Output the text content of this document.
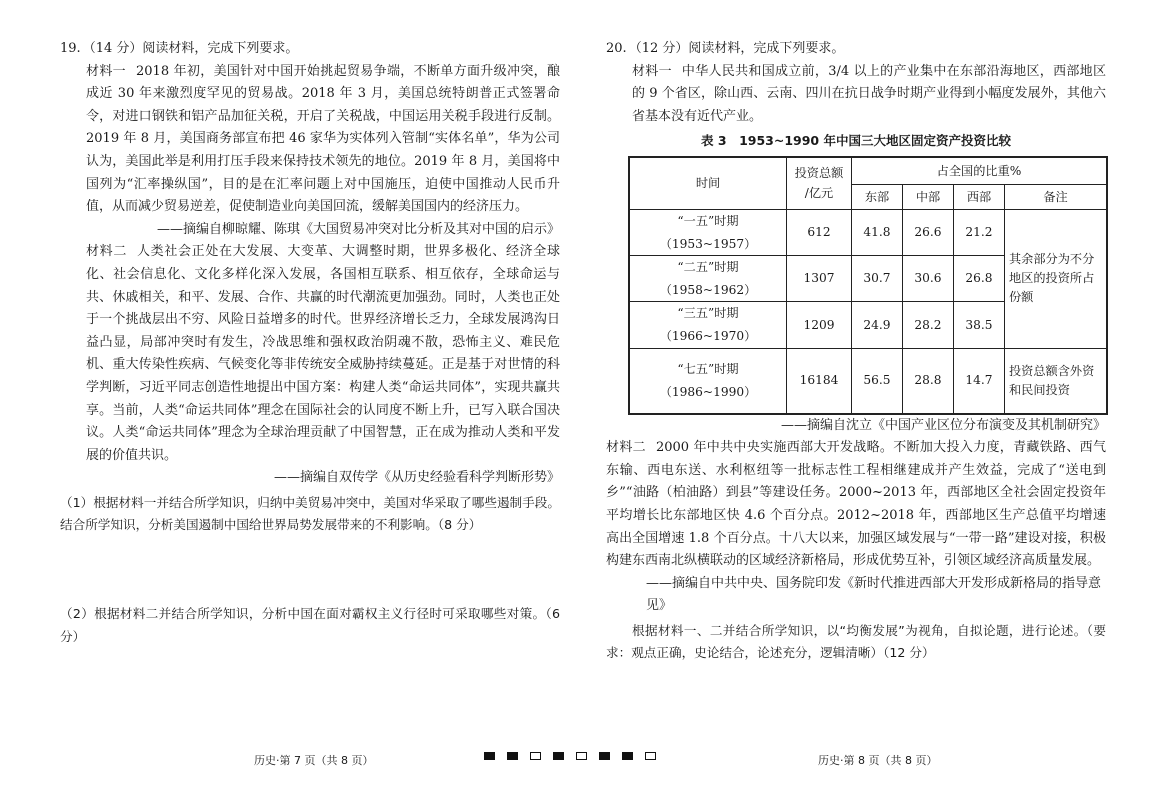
19. （14 分）阅读材料，完成下列要求。

材料一 2018 年初，美国针对中国开始挑起贸易争端，不断单方面升级冲突，酿成近 30 年来激烈度罕见的贸易战。2018 年 3 月，美国总统特朗普正式签署命令，对进口钢铁和铝产品加征关税，开启了关税战，中国运用关税手段进行反制。2019 年 8 月，美国商务部宣布把 46 家华为实体列入管制“实体名单”，华为公司认为，美国此举是利用打压手段来保持技术领先的地位。2019 年 8 月，美国将中国列为“汇率操纵国”，目的是在汇率问题上对中国施压，迫使中国推动人民币升值，从而减少贸易逆差，促使制造业向美国回流，缓解美国国内的经济压力。

——摘编自柳晾耀、陈琪《大国贸易冲突对比分析及其对中国的启示》

材料二 人类社会正处在大发展、大变革、大调整时期，世界多极化、经济全球化、社会信息化、文化多样化深入发展，各国相互联系、相互依存，全球命运与共、休戚相关，和平、发展、合作、共赢的时代潮流更加强劲。同时，人类也正处于一个挑战层出不穷、风险日益增多的时代。世界经济增长乏力，全球发展鸿沟日益凸显，局部冲突时有发生，冷战思维和强权政治阴魂不散，恐怖主义、难民危机、重大传染性疾病、气候变化等非传统安全威胁持续蔓延。正是基于对世情的科学判断，习近平同志创造性地提出中国方案：构建人类“命运共同体”，实现共赢共享。当前，人类“命运共同体”理念在国际社会的认同度不断上升，已写入联合国决议。人类“命运共同体”理念为全球治理贡献了中国智慧，正在成为推动人类和平发展的价值共识。

——摘编自双传学《从历史经验看科学判断形势》

（1）根据材料一并结合所学知识，归纳中美贸易冲突中，美国对华采取了哪些遏制手段。结合所学知识，分析美国遏制中国给世界局势发展带来的不利影响。（8 分）

（2）根据材料二并结合所学知识，分析中国在面对霸权主义行径时可采取哪些对策。（6 分）

20. （12 分）阅读材料，完成下列要求。

材料一 中华人民共和国成立前，3/4 以上的产业集中在东部沿海地区，西部地区的 9 个省区，除山西、云南、四川在抗日战争时期产业得到小幅度发展外，其他六省基本没有近代产业。

表 3　1953~1990 年中国三大地区固定资产投资比较
时间	投资总额
/亿元	占全国的比重%			
		东部	中部	西部	备注
“一五”时期（1953~1957）	612	41.8	26.6	21.2	其余部分为不分地区的投资所占份额
“二五”时期（1958~1962）	1307	30.7	30.6	26.8	
“三五”时期（1966~1970）	1209	24.9	28.2	38.5	
“七五”时期（1986~1990）	16184	56.5	28.8	14.7	投资总额含外资和民间投资

——摘编自沈立《中国产业区位分布演变及其机制研究》

材料二 2000 年中共中央实施西部大开发战略。不断加大投入力度，青藏铁路、西气东输、西电东送、水利枢纽等一批标志性工程相继建成并产生效益，完成了“送电到乡”“油路（柏油路）到县”等建设任务。2000~2013 年，西部地区全社会固定投资年平均增长比东部地区快 4.6 个百分点。2012~2018 年，西部地区生产总值平均增速高出全国增速 1.8 个百分点。十八大以来，加强区域发展与“一带一路”建设对接，积极构建东西南北纵横联动的区域经济新格局，形成优势互补，引领区域经济高质量发展。

——摘编自中共中央、国务院印发《新时代推进西部大开发形成新格局的指导意见》

根据材料一、二并结合所学知识，以“均衡发展”为视角，自拟论题，进行论述。（要求：观点正确，史论结合，论述充分，逻辑清晰）（12 分）

历史·第 7 页（共 8 页）	历史·第 8 页（共 8 页）
